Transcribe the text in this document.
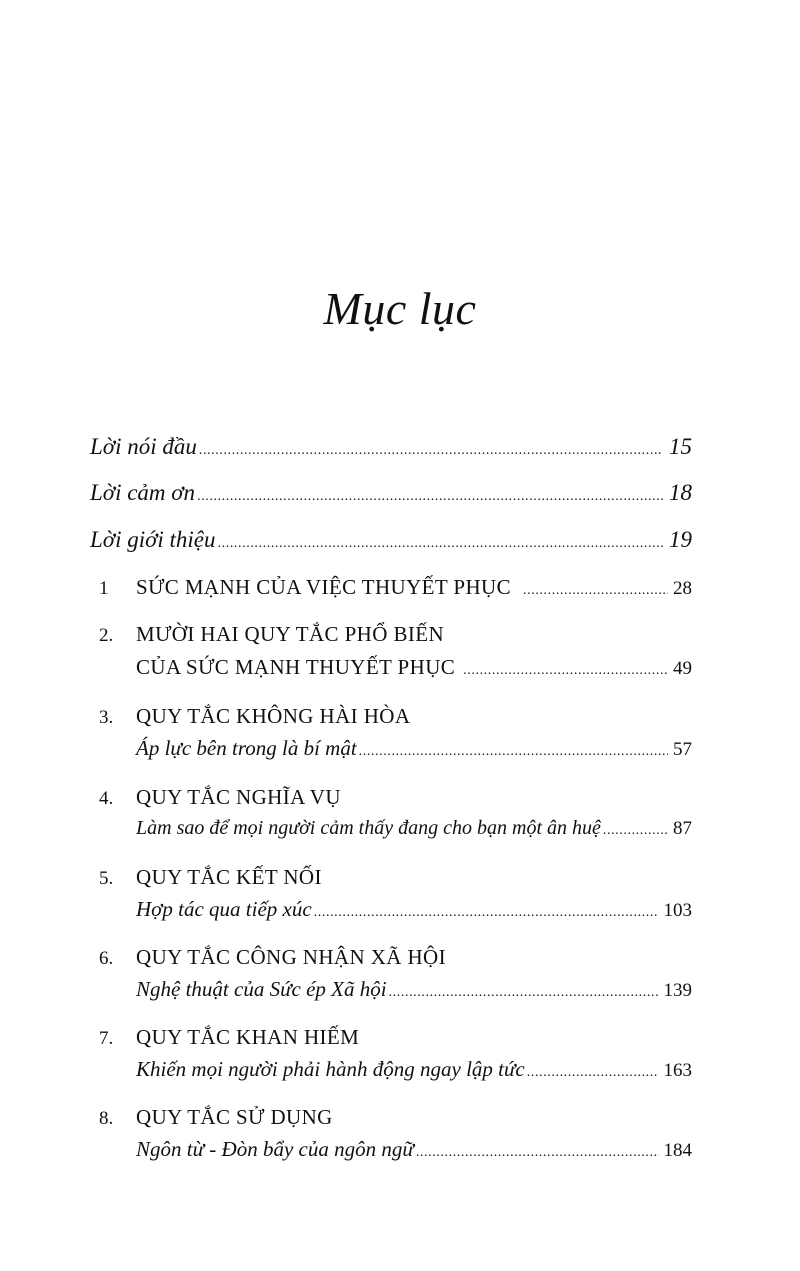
Mục lục
Lời nói đầu .....	15
Lời cảm ơn .....	18
Lời giới thiệu .....	19
1 SỨC MẠNH CỦA VIỆC THUYẾT PHỤC .....	28
2. MƯỜI HAI QUY TẮC PHỔ BIẾN
CỦA SỨC MẠNH THUYẾT PHỤC .....	49
3. QUY TẮC KHÔNG HÀI HÒA
Áp lực bên trong là bí mật .....	57
4. QUY TẮC NGHĨA VỤ
Làm sao để mọi người cảm thấy đang cho bạn một ân huệ .....	87
5. QUY TẮC KẾT NỐI
Hợp tác qua tiếp xúc .....	103
6. QUY TẮC CÔNG NHẬN XÃ HỘI
Nghệ thuật của Sức ép Xã hội .....	139
7. QUY TẮC KHAN HIẾM
Khiến mọi người phải hành động ngay lập tức .....	163
8. QUY TẮC SỬ DỤNG
Ngôn từ - Đòn bẩy của ngôn ngữ .....	184
